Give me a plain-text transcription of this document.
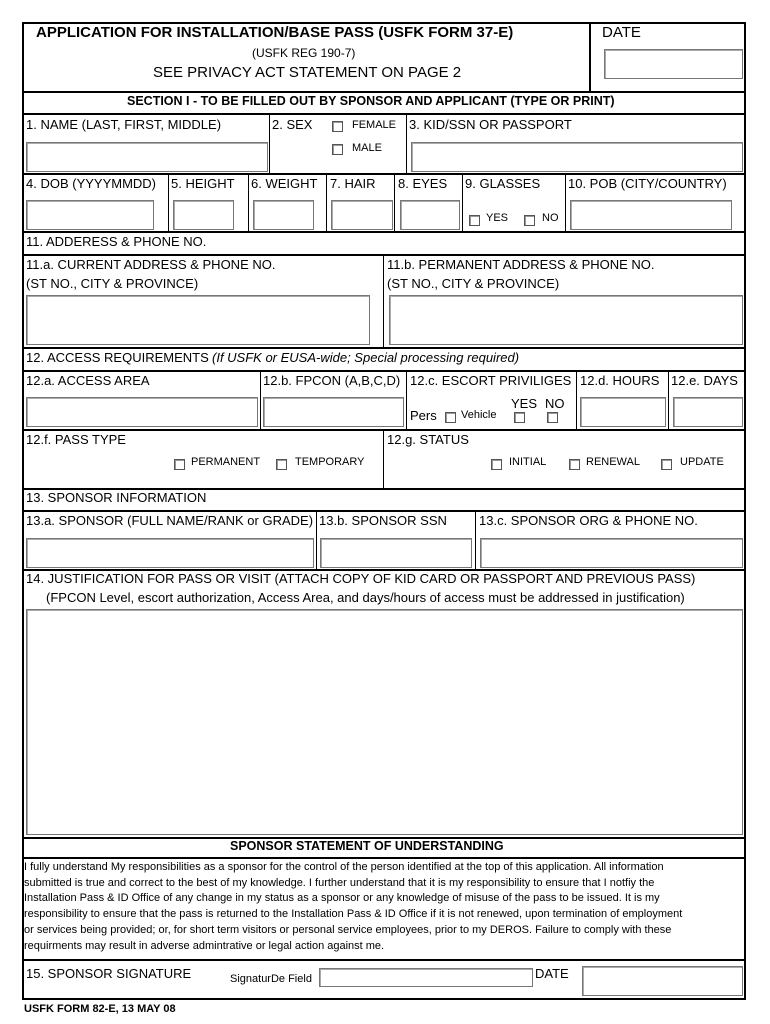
APPLICATION FOR INSTALLATION/BASE PASS (USFK FORM 37-E)
(USFK REG 190-7)
SEE PRIVACY ACT STATEMENT ON PAGE 2
DATE
SECTION I - TO BE FILLED OUT BY SPONSOR AND APPLICANT (TYPE OR PRINT)
1. NAME (LAST, FIRST, MIDDLE)	2. SEX	FEMALE
MALE
3. KID/SSN OR PASSPORT
4. DOB (YYYYMMDD) 5. HEIGHT 6. WEIGHT 7. HAIR 8. EYES 9. GLASSES
YES	NO
10. POB (CITY/COUNTRY)
11. ADDERESS & PHONE NO.
11.a. CURRENT ADDRESS & PHONE NO.
(ST NO., CITY & PROVINCE)
11.b. PERMANENT ADDRESS & PHONE NO.
(ST NO., CITY & PROVINCE)
12. ACCESS REQUIREMENTS (If USFK or EUSA-wide; Special processing required)
12.a. ACCESS AREA	12.b. FPCON (A,B,C,D) 12.c. ESCORT PRIVILIGES
YES NO
Pers Vehicle
12.d. HOURS 12.e. DAYS
12.f. PASS TYPE
PERMANENT	TEMPORARY
12.g. STATUS
INITIAL	RENEWAL	UPDATE
13. SPONSOR INFORMATION
13.a. SPONSOR (FULL NAME/RANK or GRADE) 13.b. SPONSOR SSN 13.c. SPONSOR ORG & PHONE NO.
14. JUSTIFICATION FOR PASS OR VISIT (ATTACH COPY OF KID CARD OR PASSPORT AND PREVIOUS PASS)
(FPCON Level, escort authorization, Access Area, and days/hours of access must be addressed in justification)
SPONSOR STATEMENT OF UNDERSTANDING
I fully understand My responsibilities as a sponsor for the control of the person identified at the top of this application. All information
submitted is true and correct to the best of my knowledge. I further understand that it is my responsibility to ensure that I notfiy the
Installation Pass & ID Office of any change in my status as a sponsor or any knowledge of misuse of the pass to be issued. It is my
responsibility to ensure that the pass is returned to the Installation Pass & ID Office if it is not renewed, upon termination of employment
or services being provided; or, for short term visitors or personal service employees, prior to my DEROS. Failure to comply with these
requirments may result in adverse admintrative or legal action against me.
15. SPONSOR SIGNATURE	SignaturDe Field	DATE
USFK FORM 82-E, 13 MAY 08
